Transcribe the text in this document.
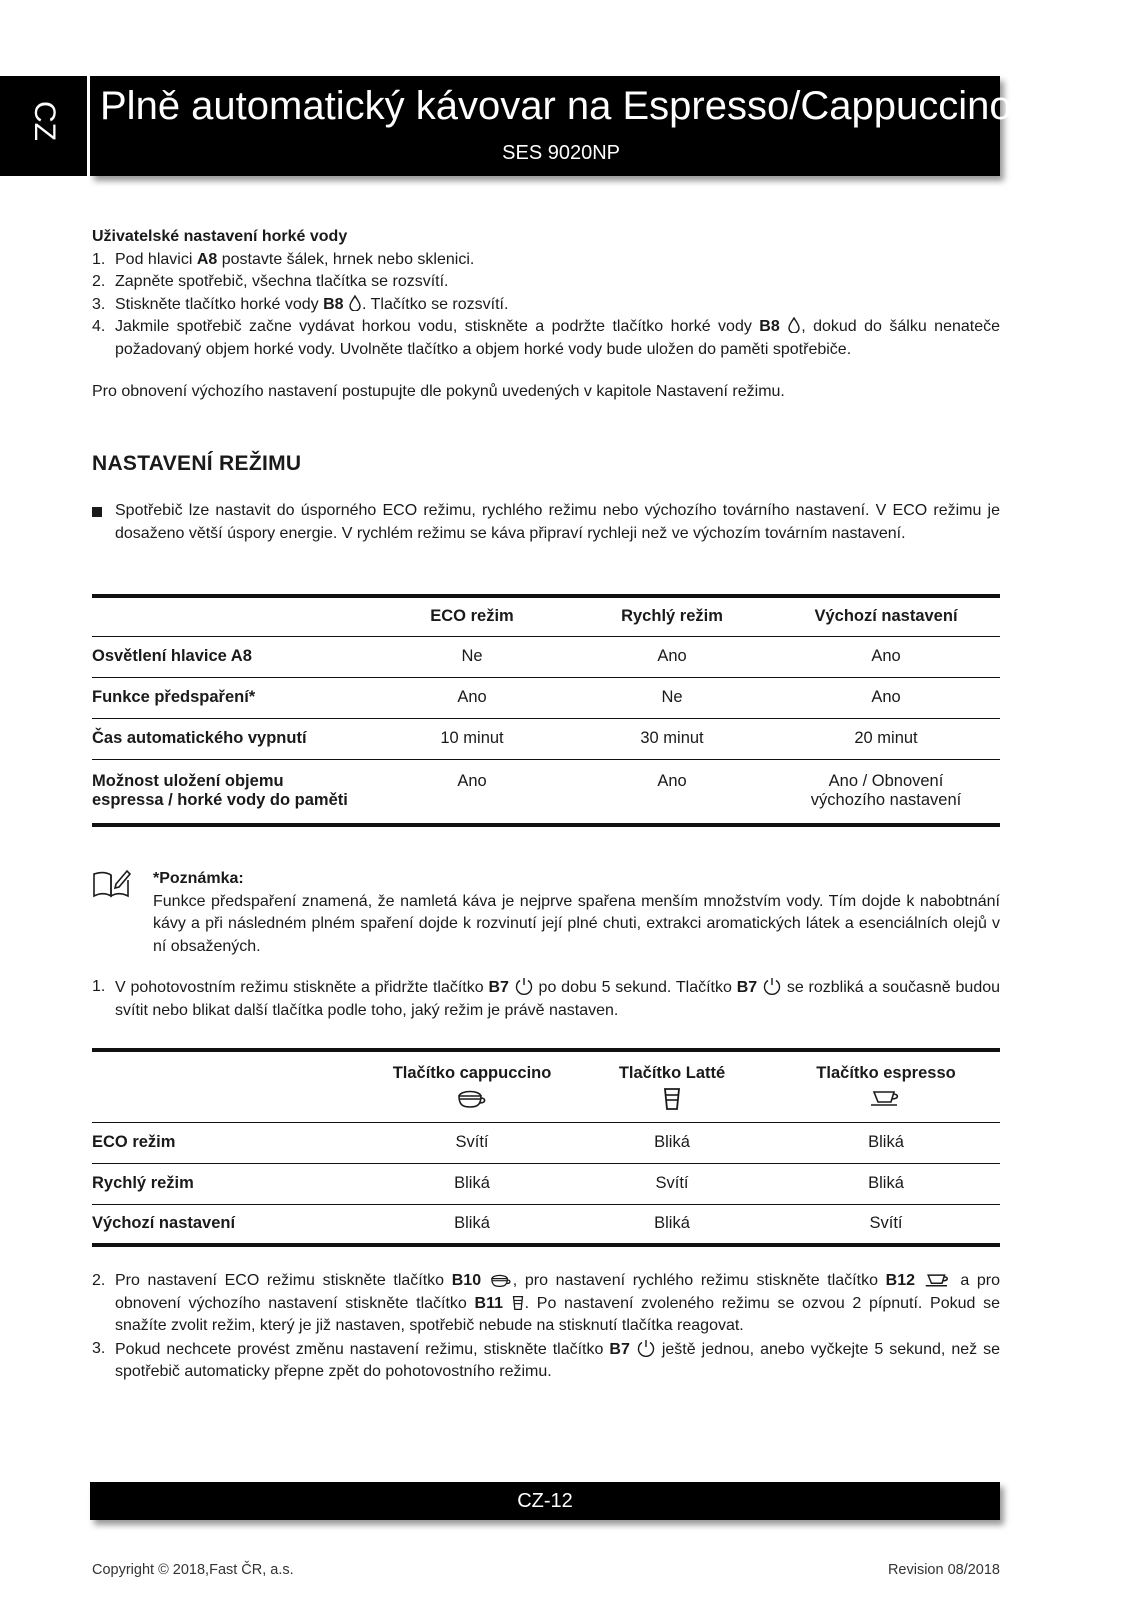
CZ Plně automatický kávovar na Espresso/Cappuccino
SES 9020NP
Uživatelské nastavení horké vody
1. Pod hlavici A8 postavte šálek, hrnek nebo sklenici.
2. Zapněte spotřebič, všechna tlačítka se rozsvítí.
3. Stiskněte tlačítko horké vody B8 . Tlačítko se rozsvítí.
4. Jakmile spotřebič začne vydávat horkou vodu, stiskněte a podržte tlačítko horké vody B8 , dokud do šálku nenateče požadovaný objem horké vody. Uvolněte tlačítko a objem horké vody bude uložen do paměti spotřebiče.
Pro obnovení výchozího nastavení postupujte dle pokynů uvedených v kapitole Nastavení režimu.
NASTAVENÍ REŽIMU
Spotřebič lze nastavit do úsporného ECO režimu, rychlého režimu nebo výchozího továrního nastavení. V ECO režimu je dosaženo větší úspory energie. V rychlém režimu se káva připraví rychleji než ve výchozím továrním nastavení.
	ECO režim	Rychlý režim	Výchozí nastavení
Osvětlení hlavice A8	Ne	Ano	Ano
Funkce předspaření*	Ano	Ne	Ano
Čas automatického vypnutí	10 minut	30 minut	20 minut
Možnost uložení objemu
espressa / horké vody do paměti	Ano	Ano	Ano / Obnovení
výchozího nastavení
*Poznámka:
Funkce předspaření znamená, že namletá káva je nejprve spařena menším množstvím vody. Tím dojde k nabobtnání kávy a při následném plném spaření dojde k rozvinutí její plné chuti, extrakci aromatických látek a esenciálních olejů v ní obsažených.
1. V pohotovostním režimu stiskněte a přidržte tlačítko B7  po dobu 5 sekund. Tlačítko B7  se rozbliká a současně budou svítit nebo blikat další tlačítka podle toho, jaký režim je právě nastaven.
	Tlačítko cappuccino	Tlačítko Latté	Tlačítko espresso

ECO režim	Svítí	Bliká	Bliká
Rychlý režim	Bliká	Svítí	Bliká
Výchozí nastavení	Bliká	Bliká	Svítí
2. Pro nastavení ECO režimu stiskněte tlačítko B10 , pro nastavení rychlého režimu stiskněte tlačítko B12  a pro obnovení výchozího nastavení stiskněte tlačítko B11 . Po nastavení zvoleného režimu se ozvou 2 pípnutí. Pokud se snažíte zvolit režim, který je již nastaven, spotřebič nebude na stisknutí tlačítka reagovat.
3. Pokud nechcete provést změnu nastavení režimu, stiskněte tlačítko B7  ještě jednou, anebo vyčkejte 5 sekund, než se spotřebič automaticky přepne zpět do pohotovostního režimu.
CZ-12
Copyright © 2018,Fast ČR, a.s.	Revision 08/2018
